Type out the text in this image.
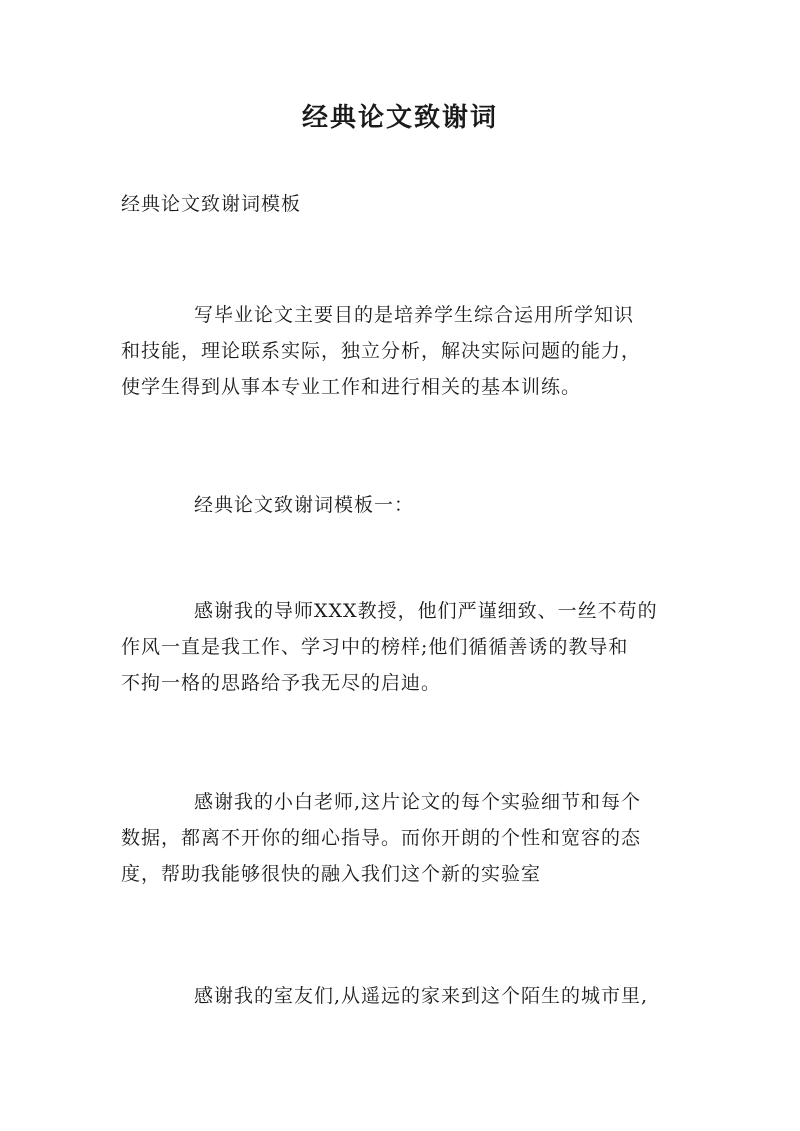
经典论文致谢词
经典论文致谢词模板
写毕业论文主要目的是培养学生综合运用所学知识
和技能，理论联系实际，独立分析，解决实际问题的能力，
使学生得到从事本专业工作和进行相关的基本训练。
经典论文致谢词模板一：
感谢我的导师XXX教授，他们严谨细致、一丝不苟的
作风一直是我工作、学习中的榜样;他们循循善诱的教导和
不拘一格的思路给予我无尽的启迪。
感谢我的小白老师,这片论文的每个实验细节和每个
数据，都离不开你的细心指导。而你开朗的个性和宽容的态
度，帮助我能够很快的融入我们这个新的实验室
感谢我的室友们,从遥远的家来到这个陌生的城市里,
